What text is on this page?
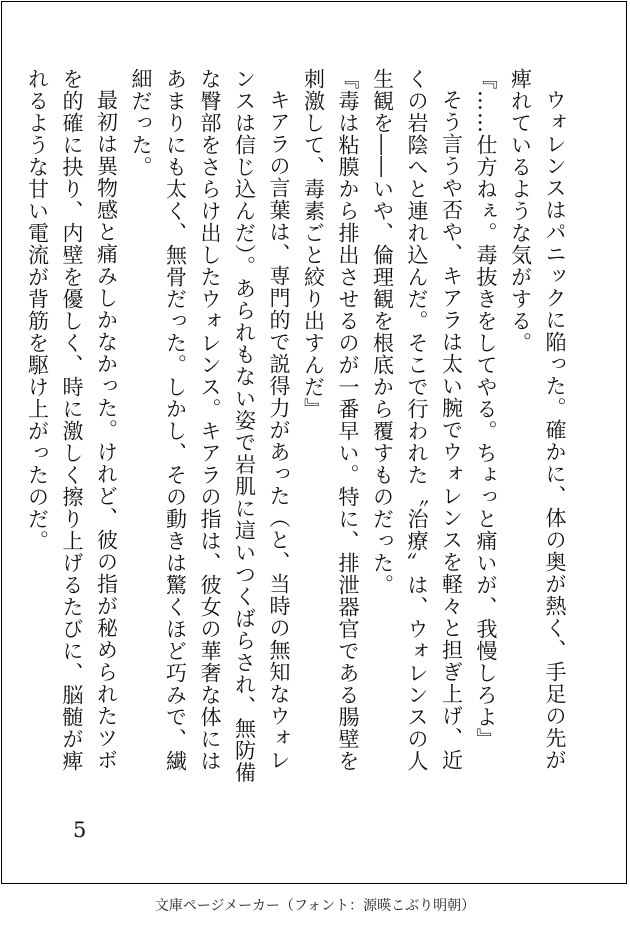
ウォレンスはパニックに陥った。確かに、体の奥が熱く、手足の先が痺れているような気がする。

『……仕方ねぇ。毒抜きをしてやる。ちょっと痛いが、我慢しろよ』

そう言うや否や、キアラは太い腕でウォレンスを軽々と担ぎ上げ、近くの岩陰へと連れ込んだ。そこで行われた〝治療〟は、ウォレンスの人生観を――いや、倫理観を根底から覆すものだった。

『毒は粘膜から排出させるのが一番早い。特に、排泄器官である腸壁を刺激して、毒素ごと絞り出すんだ』

キアラの言葉は、専門的で説得力があった（と、当時の無知なウォレンスは信じ込んだ）。あられもない姿で岩肌に這いつくばらされ、無防備な臀部をさらけ出したウォレンス。キアラの指は、彼女の華奢な体にはあまりにも太く、無骨だった。しかし、その動きは驚くほど巧みで、繊細だった。

最初は異物感と痛みしかなかった。けれど、彼の指が秘められたツボを的確に抉り、内壁を優しく、時に激しく擦り上げるたびに、脳髄が痺れるような甘い電流が背筋を駆け上がったのだ。

5
文庫ページメーカー（フォント：源暎こぶり明朝）
